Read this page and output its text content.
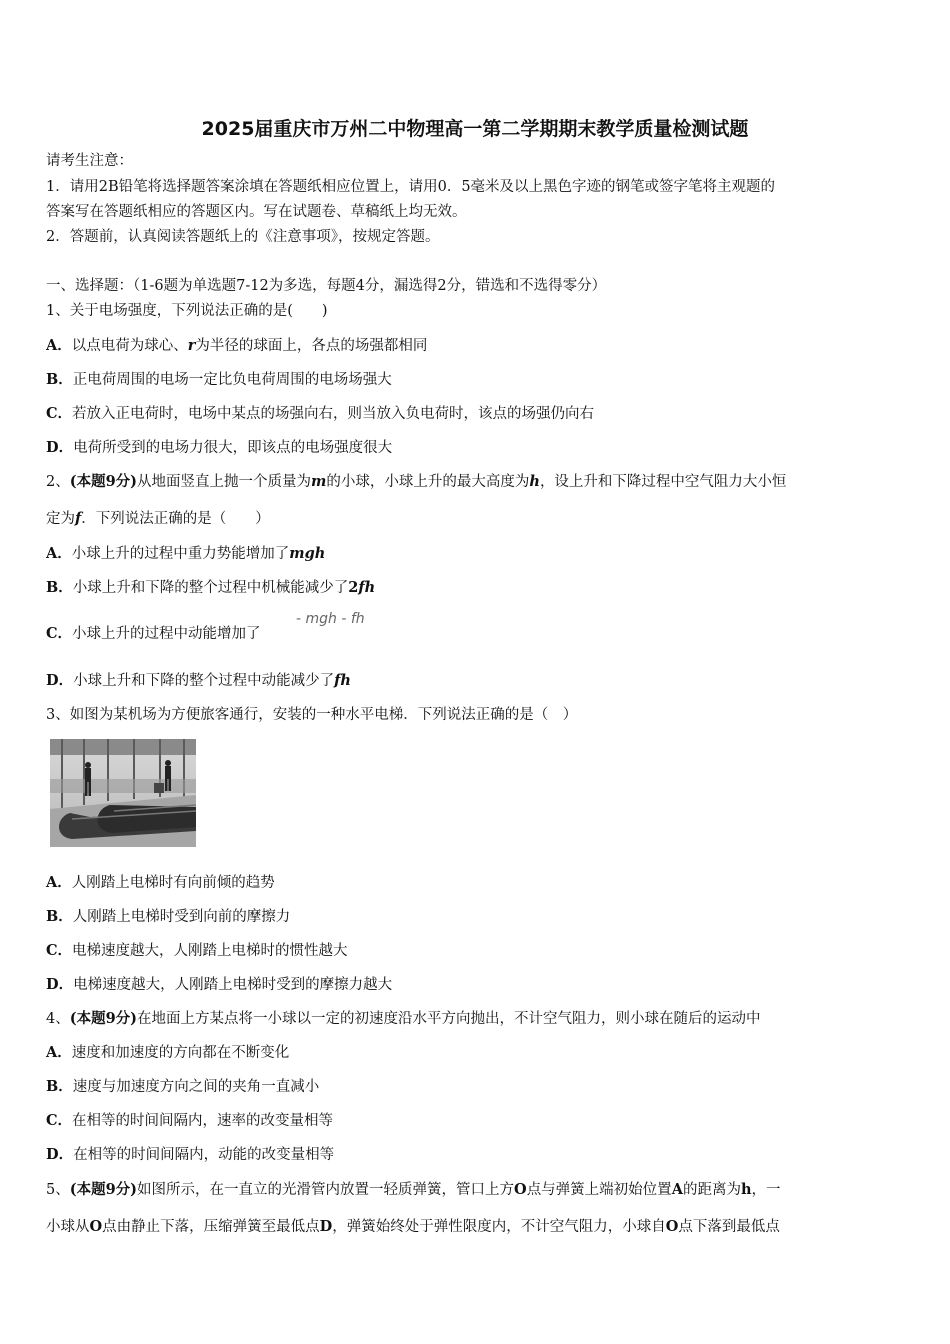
2025届重庆市万州二中物理高一第二学期期末教学质量检测试题
请考生注意：
1．请用2B铅笔将选择题答案涂填在答题纸相应位置上，请用0．5毫米及以上黑色字迹的钢笔或签字笔将主观题的
答案写在答题纸相应的答题区内。写在试题卷、草稿纸上均无效。
2．答题前，认真阅读答题纸上的《注意事项》，按规定答题。
一、选择题：（1-6题为单选题7-12为多选，每题4分，漏选得2分，错选和不选得零分）
1、关于电场强度，下列说法正确的是(　　)
A．以点电荷为球心、r为半径的球面上，各点的场强都相同
B．正电荷周围的电场一定比负电荷周围的电场场强大
C．若放入正电荷时，电场中某点的场强向右，则当放入负电荷时，该点的场强仍向右
D．电荷所受到的电场力很大，即该点的电场强度很大
2、(本题9分)从地面竖直上抛一个质量为m的小球，小球上升的最大高度为h，设上升和下降过程中空气阻力大小恒
定为f．下列说法正确的是（　　）
A．小球上升的过程中重力势能增加了mgh
B．小球上升和下降的整个过程中机械能减少了2fh
C．小球上升的过程中动能增加了
- mgh - fh
D．小球上升和下降的整个过程中动能减少了fh
3、如图为某机场为方便旅客通行，安装的一种水平电梯．下列说法正确的是（　）
A．人刚踏上电梯时有向前倾的趋势
B．人刚踏上电梯时受到向前的摩擦力
C．电梯速度越大，人刚踏上电梯时的惯性越大
D．电梯速度越大，人刚踏上电梯时受到的摩擦力越大
4、(本题9分)在地面上方某点将一小球以一定的初速度沿水平方向抛出，不计空气阻力，则小球在随后的运动中
A．速度和加速度的方向都在不断变化
B．速度与加速度方向之间的夹角一直减小
C．在相等的时间间隔内，速率的改变量相等
D．在相等的时间间隔内，动能的改变量相等
5、(本题9分)如图所示，在一直立的光滑管内放置一轻质弹簧，管口上方O点与弹簧上端初始位置A的距离为h，一
小球从O点由静止下落，压缩弹簧至最低点D，弹簧始终处于弹性限度内，不计空气阻力，小球自O点下落到最低点
